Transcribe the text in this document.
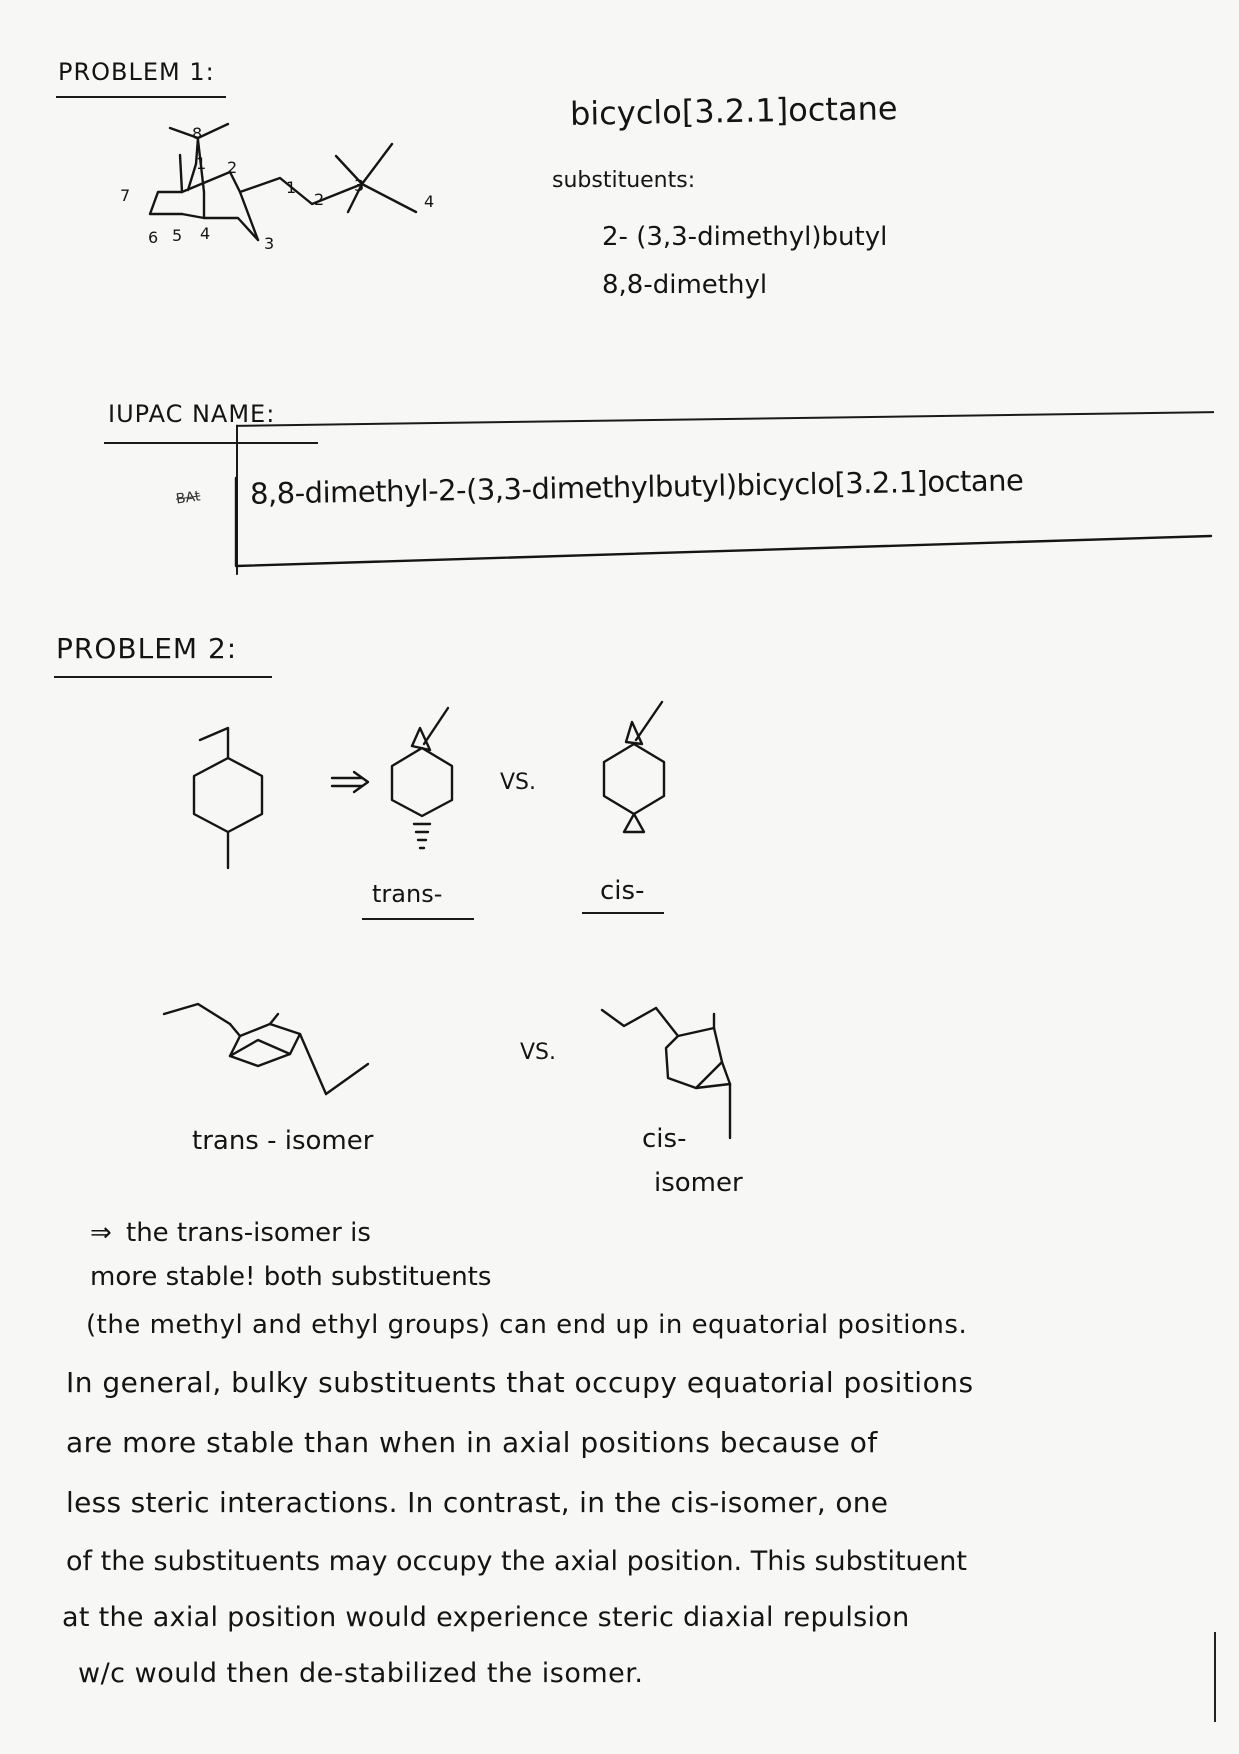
PROBLEM 1:
8
1 2
7
6 5 4
3
1
2
3
4
bicyclo[3.2.1]octane
substituents:
2- (3,3-dimethyl)butyl
8,8-dimethyl
IUPAC NAME:
BAt 8,8-dimethyl-2-(3,3-dimethylbutyl)bicyclo[3.2.1]octane
PROBLEM 2:
VS.
trans-	cis-
VS.
trans - isomer	cis-
isomer
⇒ the trans-isomer is
more stable! both substituents
(the methyl and ethyl groups) can end up in equatorial positions.
In general, bulky substituents that occupy equatorial positions
are more stable than when in axial positions because of
less steric interactions. In contrast, in the cis-isomer, one
of the substituents may occupy the axial position. This substituent
at the axial position would experience steric diaxial repulsion
w/c would then de-stabilized the isomer.
